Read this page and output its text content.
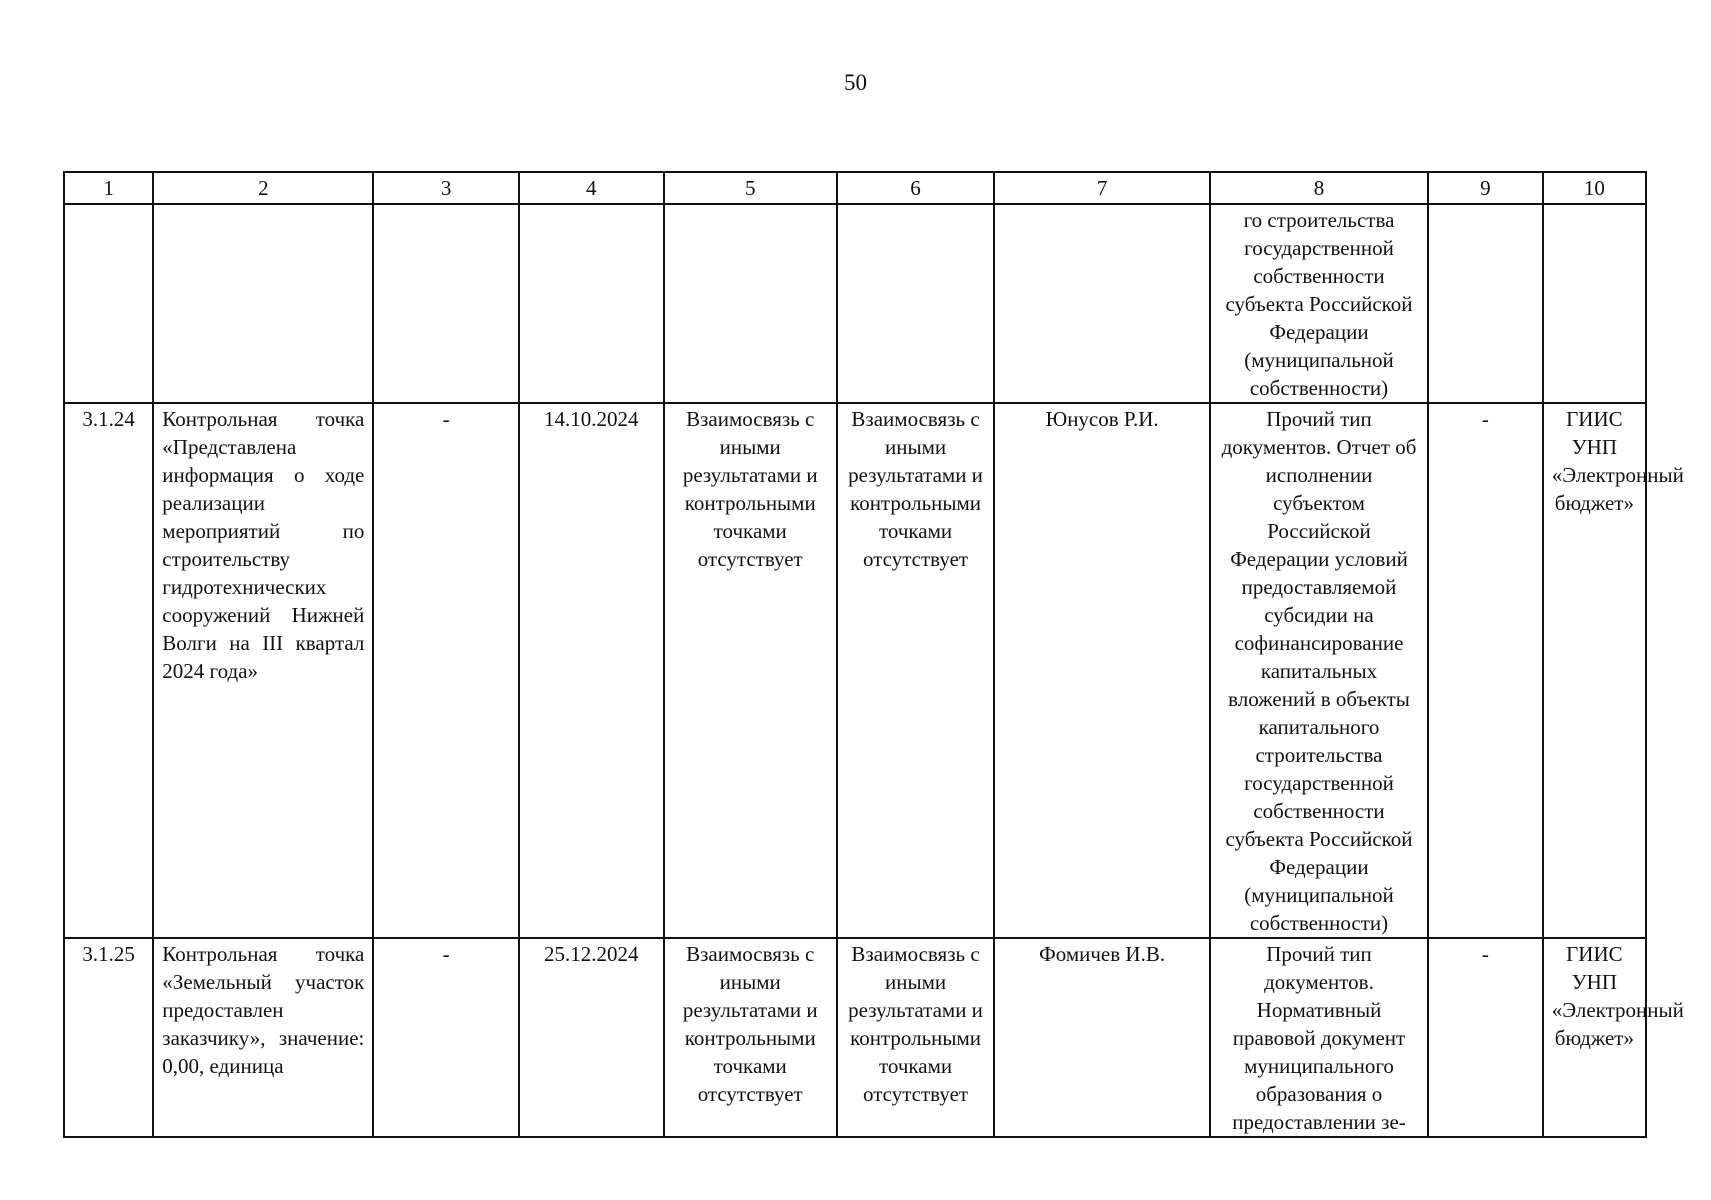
50
1	2	3	4	5	6	7	8	9	10
							го строительства государственной собственности субъекта Российской Федерации (муниципальной собственности)		
3.1.24	Контрольная точка «Представлена информация о ходе реализации мероприятий по строительству гидротехнических сооружений Нижней Волги на III квартал 2024 года»	-	14.10.2024	Взаимосвязь с иными результатами и контрольными точками отсутствует	Взаимосвязь с иными результатами и контрольными точками отсутствует	Юнусов Р.И.	Прочий тип документов. Отчет об исполнении субъектом Российской Федерации условий предоставляемой субсидии на софинансирование капитальных вложений в объекты капитального строительства государственной собственности субъекта Российской Федерации (муниципальной собственности)	-	ГИИС УНП «Электронный бюджет»
3.1.25	Контрольная точка «Земельный участок предоставлен заказчику», значение: 0,00, единица	-	25.12.2024	Взаимосвязь с иными результатами и контрольными точками отсутствует	Взаимосвязь с иными результатами и контрольными точками отсутствует	Фомичев И.В.	Прочий тип документов. Нормативный правовой документ муниципального образования о предоставлении зе-	-	ГИИС УНП «Электронный бюджет»
